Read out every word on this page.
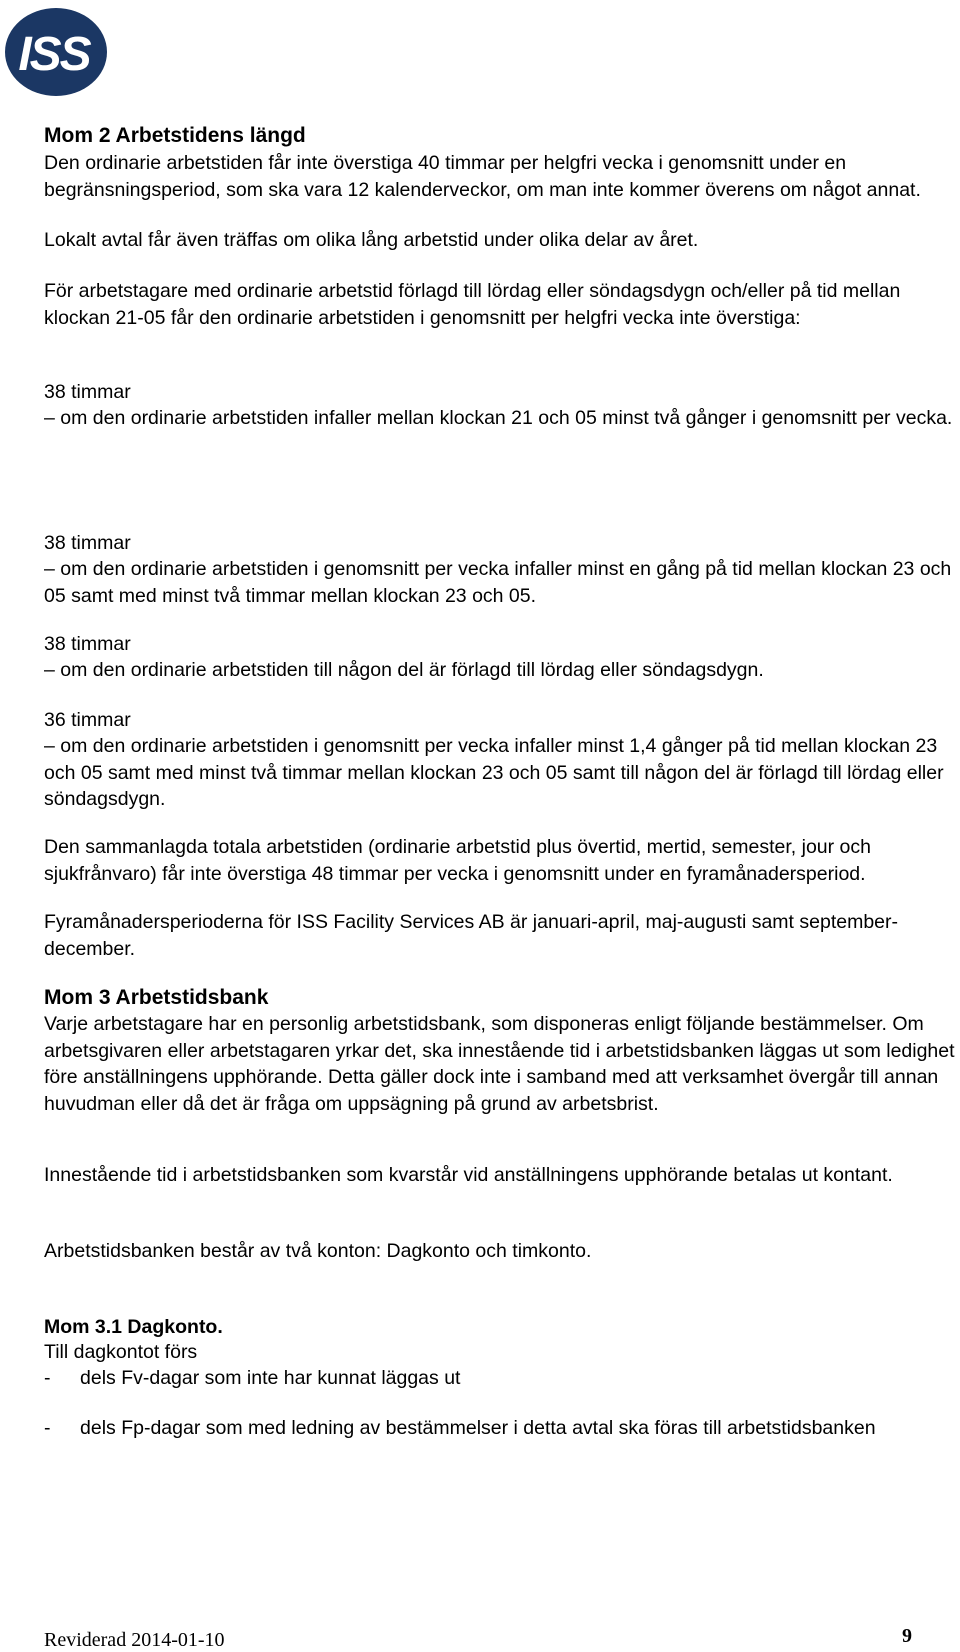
ISS

Mom 2 Arbetstidens längd

Den ordinarie arbetstiden får inte överstiga 40 timmar per helgfri vecka i genomsnitt under en begränsningsperiod, som ska vara 12 kalenderveckor, om man inte kommer överens om något annat.

Lokalt avtal får även träffas om olika lång arbetstid under olika delar av året.

För arbetstagare med ordinarie arbetstid förlagd till lördag eller söndagsdygn och/eller på tid mellan klockan 21-05 får den ordinarie arbetstiden i genomsnitt per helgfri vecka inte överstiga:

38 timmar

– om den ordinarie arbetstiden infaller mellan klockan 21 och 05 minst två gånger i genomsnitt per vecka.

38 timmar

– om den ordinarie arbetstiden i genomsnitt per vecka infaller minst en gång på tid mellan klockan 23 och 05 samt med minst två timmar mellan klockan 23 och 05.

38 timmar

– om den ordinarie arbetstiden till någon del är förlagd till lördag eller söndagsdygn.

36 timmar

– om den ordinarie arbetstiden i genomsnitt per vecka infaller minst 1,4 gånger på tid mellan klockan 23 och 05 samt med minst två timmar mellan klockan 23 och 05 samt till någon del är förlagd till lördag eller söndagsdygn.

Den sammanlagda totala arbetstiden (ordinarie arbetstid plus övertid, mertid, semester, jour och sjukfrånvaro) får inte överstiga 48 timmar per vecka i genomsnitt under en fyramånadersperiod.

Fyramånadersperioderna för ISS Facility Services AB är januari-april, maj-augusti samt september-december.

Mom 3 Arbetstidsbank

Varje arbetstagare har en personlig arbetstidsbank, som disponeras enligt följande bestämmelser. Om arbetsgivaren eller arbetstagaren yrkar det, ska innestående tid i arbetstidsbanken läggas ut som ledighet före anställningens upphörande. Detta gäller dock inte i samband med att verksamhet övergår till annan huvudman eller då det är fråga om uppsägning på grund av arbetsbrist.

Innestående tid i arbetstidsbanken som kvarstår vid anställningens upphörande betalas ut kontant.

Arbetstidsbanken består av två konton: Dagkonto och timkonto.

Mom 3.1 Dagkonto.

Till dagkontot förs

-	dels Fv-dagar som inte har kunnat läggas ut
-	dels Fp-dagar som med ledning av bestämmelser i detta avtal ska föras till arbetstidsbanken
Reviderad 2014-01-10	9
